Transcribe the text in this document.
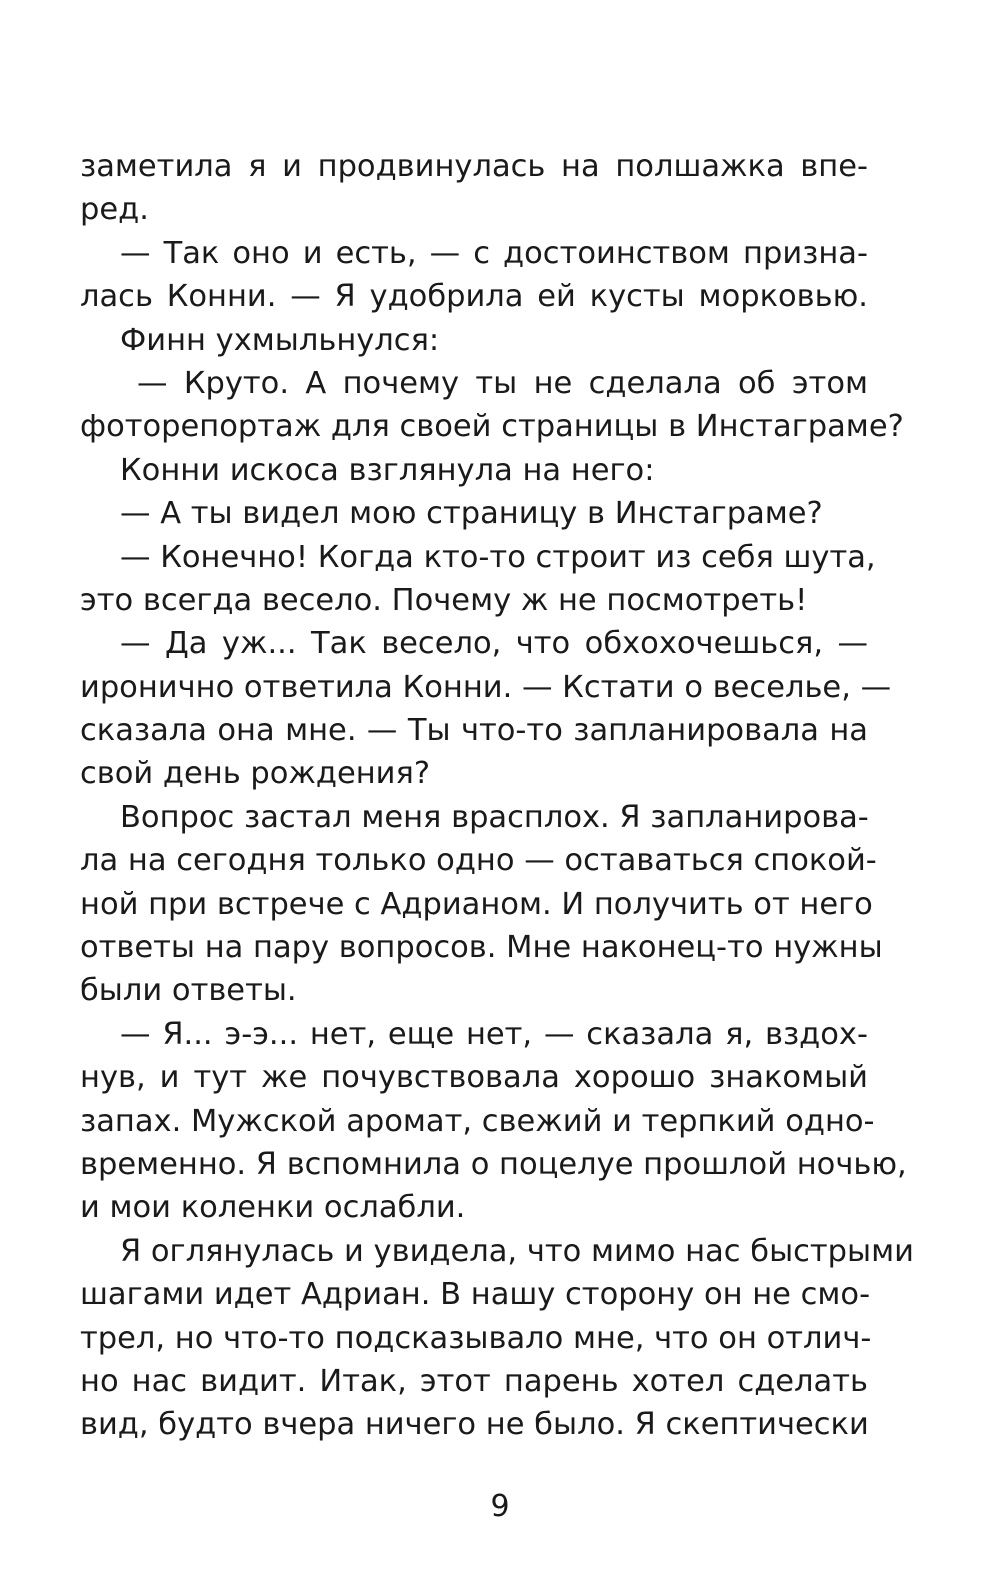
заметила я и продвинулась на полшажка впе-
ред.
— Так оно и есть, — с достоинством призна-
лась Конни. — Я удобрила ей кусты морковью.
Финн ухмыльнулся:
— Круто. А почему ты не сделала об этом
фоторепортаж для своей страницы в Инстаграме?
Конни искоса взглянула на него:
— А ты видел мою страницу в Инстаграме?
— Конечно! Когда кто-то строит из себя шута,
это всегда весело. Почему ж не посмотреть!
— Да уж... Так весело, что обхохочешься, —
иронично ответила Конни. — Кстати о веселье, —
сказала она мне. — Ты что-то запланировала на
свой день рождения?
Вопрос застал меня врасплох. Я запланирова-
ла на сегодня только одно — оставаться спокой-
ной при встрече с Адрианом. И получить от него
ответы на пару вопросов. Мне наконец-то нужны
были ответы.
— Я... э-э... нет, еще нет, — сказала я, вздох-
нув, и тут же почувствовала хорошо знакомый
запах. Мужской аромат, свежий и терпкий одно-
временно. Я вспомнила о поцелуе прошлой ночью,
и мои коленки ослабли.
Я оглянулась и увидела, что мимо нас быстрыми
шагами идет Адриан. В нашу сторону он не смо-
трел, но что-то подсказывало мне, что он отлич-
но нас видит. Итак, этот парень хотел сделать
вид, будто вчера ничего не было. Я скептически
9
